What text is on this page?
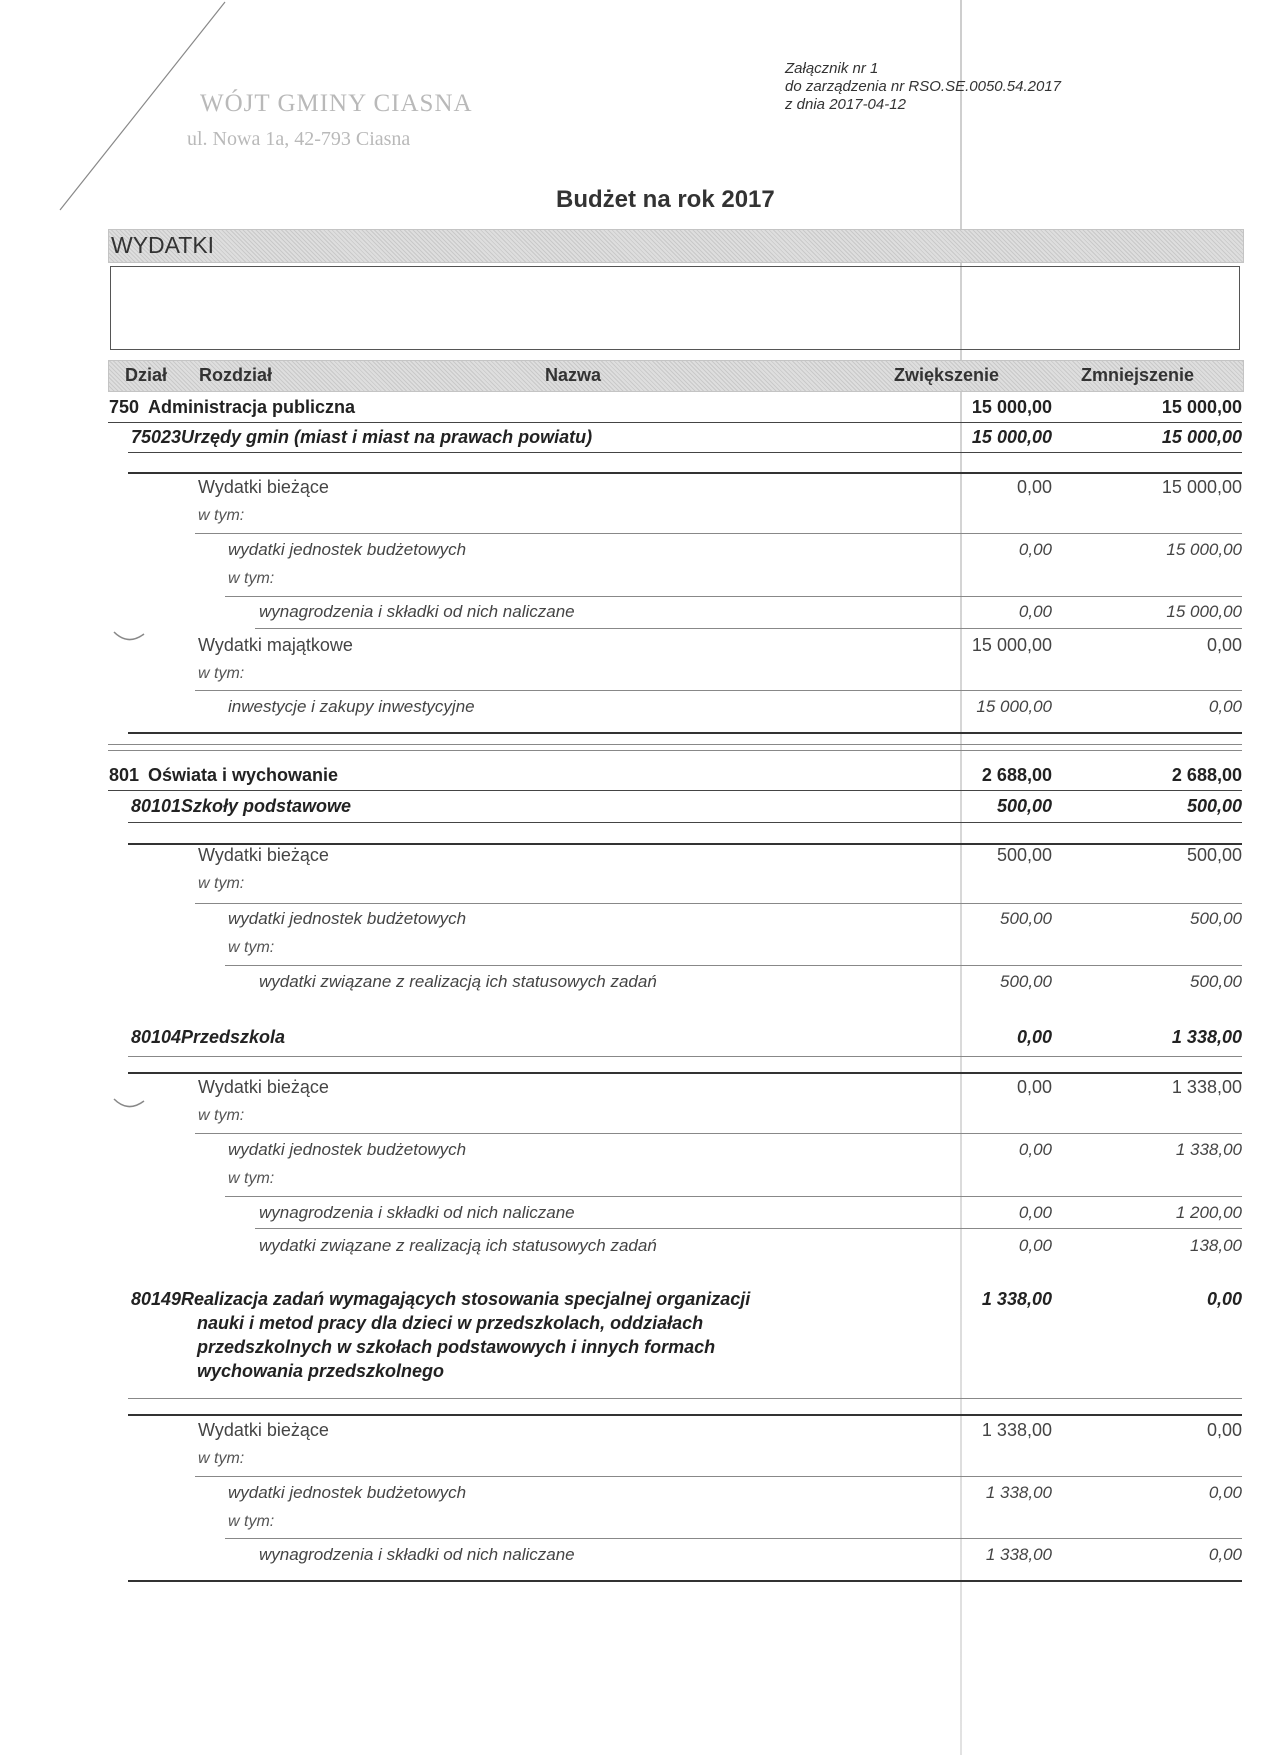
WÓJT GMINY CIASNA
ul. Nowa 1a, 42-793 Ciasna
Załącznik nr 1
do zarządzenia nr RSO.SE.0050.54.2017
z dnia 2017-04-12
Budżet na rok 2017
WYDATKI
Dział Rozdział	Nazwa	Zwiększenie	Zmniejszenie
750 Administracja publiczna	15 000,00	15 000,00
75023 Urzędy gmin (miast i miast na prawach powiatu)	15 000,00	15 000,00
Wydatki bieżące	0,00	15 000,00
w tym:
wydatki jednostek budżetowych	0,00	15 000,00
w tym:
wynagrodzenia i składki od nich naliczane	0,00	15 000,00
Wydatki majątkowe	15 000,00	0,00
w tym:
inwestycje i zakupy inwestycyjne	15 000,00	0,00
801 Oświata i wychowanie	2 688,00	2 688,00
80101 Szkoły podstawowe	500,00	500,00
Wydatki bieżące	500,00	500,00
w tym:
wydatki jednostek budżetowych	500,00	500,00
w tym:
wydatki związane z realizacją ich statusowych zadań	500,00	500,00
80104 Przedszkola	0,00	1 338,00
Wydatki bieżące	0,00	1 338,00
w tym:
wydatki jednostek budżetowych	0,00	1 338,00
w tym:
wynagrodzenia i składki od nich naliczane	0,00	1 200,00
wydatki związane z realizacją ich statusowych zadań	0,00	138,00
80149 Realizacja zadań wymagających stosowania specjalnej organizacji	1 338,00	0,00
nauki i metod pracy dla dzieci w przedszkolach, oddziałach
przedszkolnych w szkołach podstawowych i innych formach
wychowania przedszkolnego
Wydatki bieżące	1 338,00	0,00
w tym:
wydatki jednostek budżetowych	1 338,00	0,00
w tym:
wynagrodzenia i składki od nich naliczane	1 338,00	0,00
